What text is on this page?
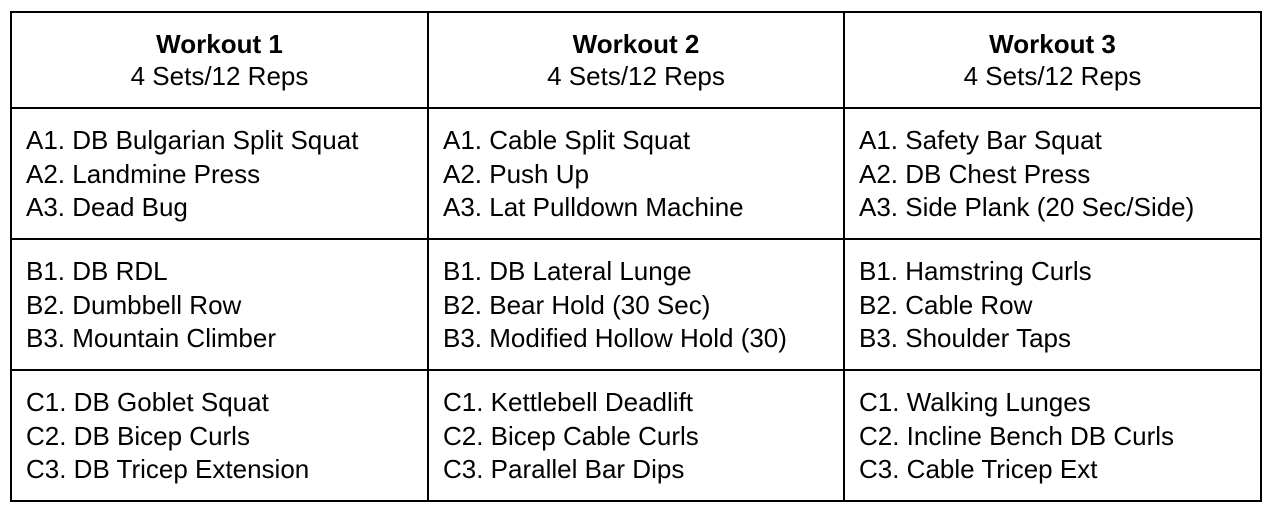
Workout 1
4 Sets/12 Reps	Workout 2
4 Sets/12 Reps	Workout 3
4 Sets/12 Reps

A1. DB Bulgarian Split Squat
A2. Landmine Press
A3. Dead Bug	A1. Cable Split Squat
A2. Push Up
A3. Lat Pulldown Machine	A1. Safety Bar Squat
A2. DB Chest Press
A3. Side Plank (20 Sec/Side)

B1. DB RDL
B2. Dumbbell Row
B3. Mountain Climber	B1. DB Lateral Lunge
B2. Bear Hold (30 Sec)
B3. Modified Hollow Hold (30)	B1. Hamstring Curls
B2. Cable Row
B3. Shoulder Taps

C1. DB Goblet Squat
C2. DB Bicep Curls
C3. DB Tricep Extension	C1. Kettlebell Deadlift
C2. Bicep Cable Curls
C3. Parallel Bar Dips	C1. Walking Lunges
C2. Incline Bench DB Curls
C3. Cable Tricep Ext
